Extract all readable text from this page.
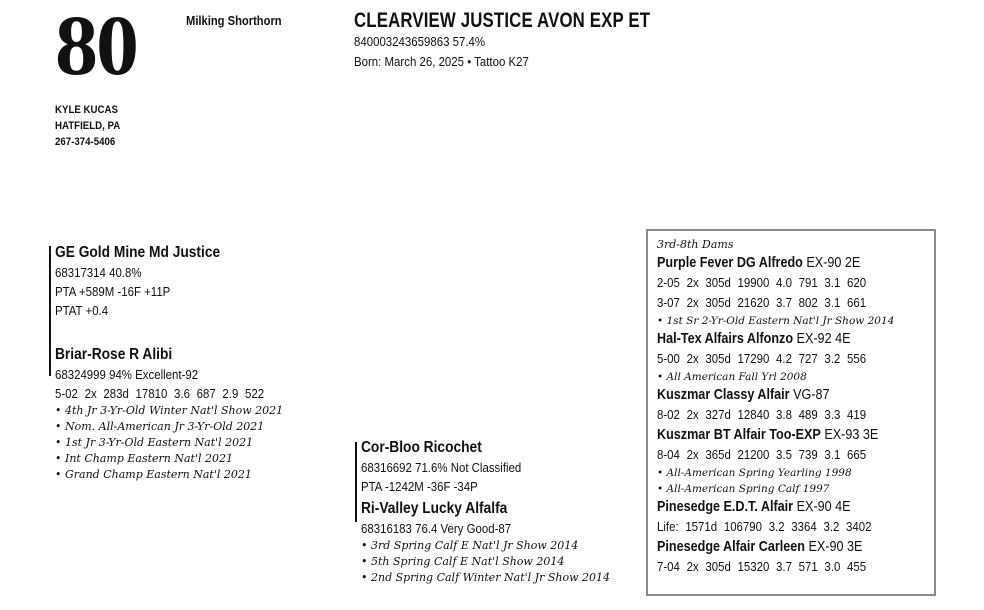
80	Milking Shorthorn
KYLE KUCAS
HATFIELD, PA
267-374-5406
CLEARVIEW JUSTICE AVON EXP ET
840003243659863 57.4%
Born: March 26, 2025 • Tattoo K27
GE Gold Mine Md Justice
68317314 40.8%
PTA +589M -16F +11P
PTAT +0.4
Briar-Rose R Alibi
68324999 94% Excellent-92
5-02 2x 283d 17810 3.6 687 2.9 522
• 4th Jr 3-Yr-Old Winter Nat'l Show 2021
• Nom. All-American Jr 3-Yr-Old 2021
• 1st Jr 3-Yr-Old Eastern Nat'l 2021
• Int Champ Eastern Nat'l 2021
• Grand Champ Eastern Nat'l 2021
Cor-Bloo Ricochet
68316692 71.6% Not Classified
PTA -1242M -36F -34P
Ri-Valley Lucky Alfalfa
68316183 76.4 Very Good-87
• 3rd Spring Calf E Nat'l Jr Show 2014
• 5th Spring Calf E Nat'l Show 2014
• 2nd Spring Calf Winter Nat'l Jr Show 2014
3rd-8th Dams
Purple Fever DG Alfredo EX-90 2E
2-05 2x 305d 19900 4.0 791 3.1 620
3-07 2x 305d 21620 3.7 802 3.1 661
• 1st Sr 2-Yr-Old Eastern Nat'l Jr Show 2014
Hal-Tex Alfairs Alfonzo EX-92 4E
5-00 2x 305d 17290 4.2 727 3.2 556
• All American Fall Yrl 2008
Kuszmar Classy Alfair VG-87
8-02 2x 327d 12840 3.8 489 3.3 419
Kuszmar BT Alfair Too-EXP EX-93 3E
8-04 2x 365d 21200 3.5 739 3.1 665
• All-American Spring Yearling 1998
• All-American Spring Calf 1997
Pinesedge E.D.T. Alfair EX-90 4E
Life: 1571d 106790 3.2 3364 3.2 3402
Pinesedge Alfair Carleen EX-90 3E
7-04 2x 305d 15320 3.7 571 3.0 455
